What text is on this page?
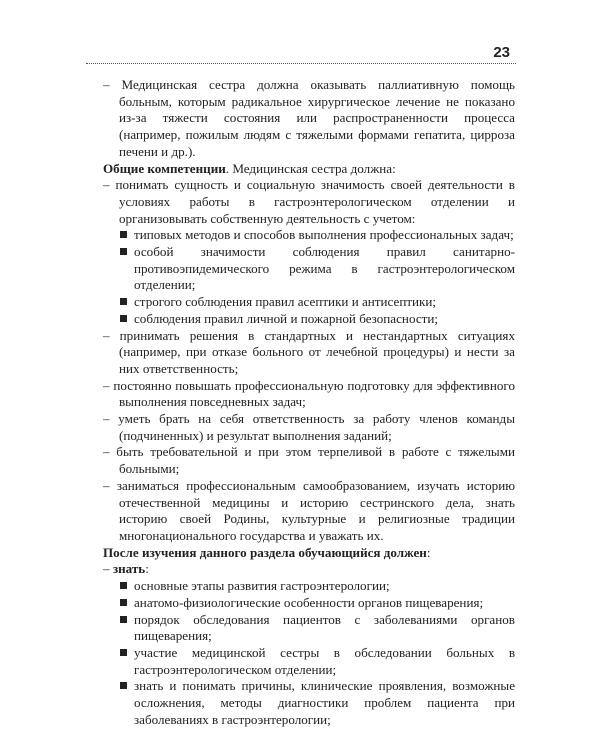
23

– Медицинская сестра должна оказывать паллиативную помощь больным, которым радикальное хирургическое лечение не показано из-за тяжести состояния или распространенности процесса (например, пожилым людям с тяжелыми формами гепатита, цирроза печени и др.).

Общие компетенции. Медицинская сестра должна:

– понимать сущность и социальную значимость своей деятельности в условиях работы в гастроэнтерологическом отделении и организовывать собственную деятельность с учетом:

типовых методов и способов выполнения профессиональных задач;

особой значимости соблюдения правил санитарно-противоэпидемического режима в гастроэнтерологическом отделении;

строгого соблюдения правил асептики и антисептики;

соблюдения правил личной и пожарной безопасности;

– принимать решения в стандартных и нестандартных ситуациях (например, при отказе больного от лечебной процедуры) и нести за них ответственность;

– постоянно повышать профессиональную подготовку для эффективного выполнения повседневных задач;

– уметь брать на себя ответственность за работу членов команды (подчиненных) и результат выполнения заданий;

– быть требовательной и при этом терпеливой в работе с тяжелыми больными;

– заниматься профессиональным самообразованием, изучать историю отечественной медицины и историю сестринского дела, знать историю своей Родины, культурные и религиозные традиции многонационального государства и уважать их.

После изучения данного раздела обучающийся должен:

– знать:

основные этапы развития гастроэнтерологии;

анатомо-физиологические особенности органов пищеварения;

порядок обследования пациентов с заболеваниями органов пищеварения;

участие медицинской сестры в обследовании больных в гастроэнтерологическом отделении;

знать и понимать причины, клинические проявления, возможные осложнения, методы диагностики проблем пациента при заболеваниях в гастроэнтерологии;
